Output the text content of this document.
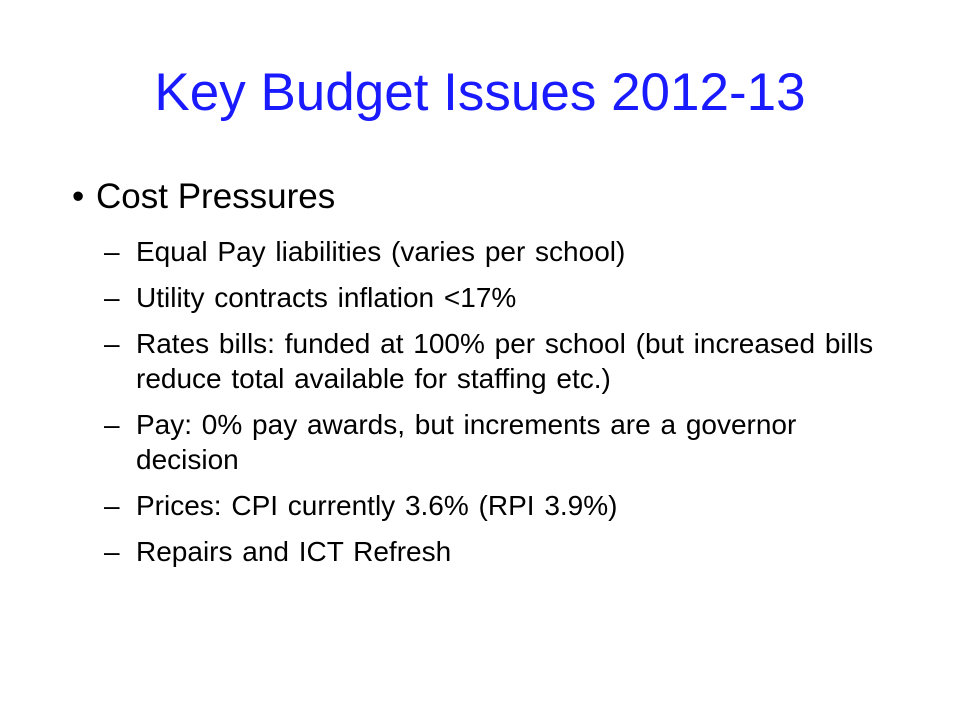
Key Budget Issues 2012-13
• Cost Pressures
– Equal Pay liabilities (varies per school)
– Utility contracts inflation <17%
– Rates bills: funded at 100% per school (but increased bills reduce total available for staffing etc.)
– Pay: 0% pay awards, but increments are a governor decision
– Prices: CPI currently 3.6% (RPI 3.9%)
– Repairs and ICT Refresh
